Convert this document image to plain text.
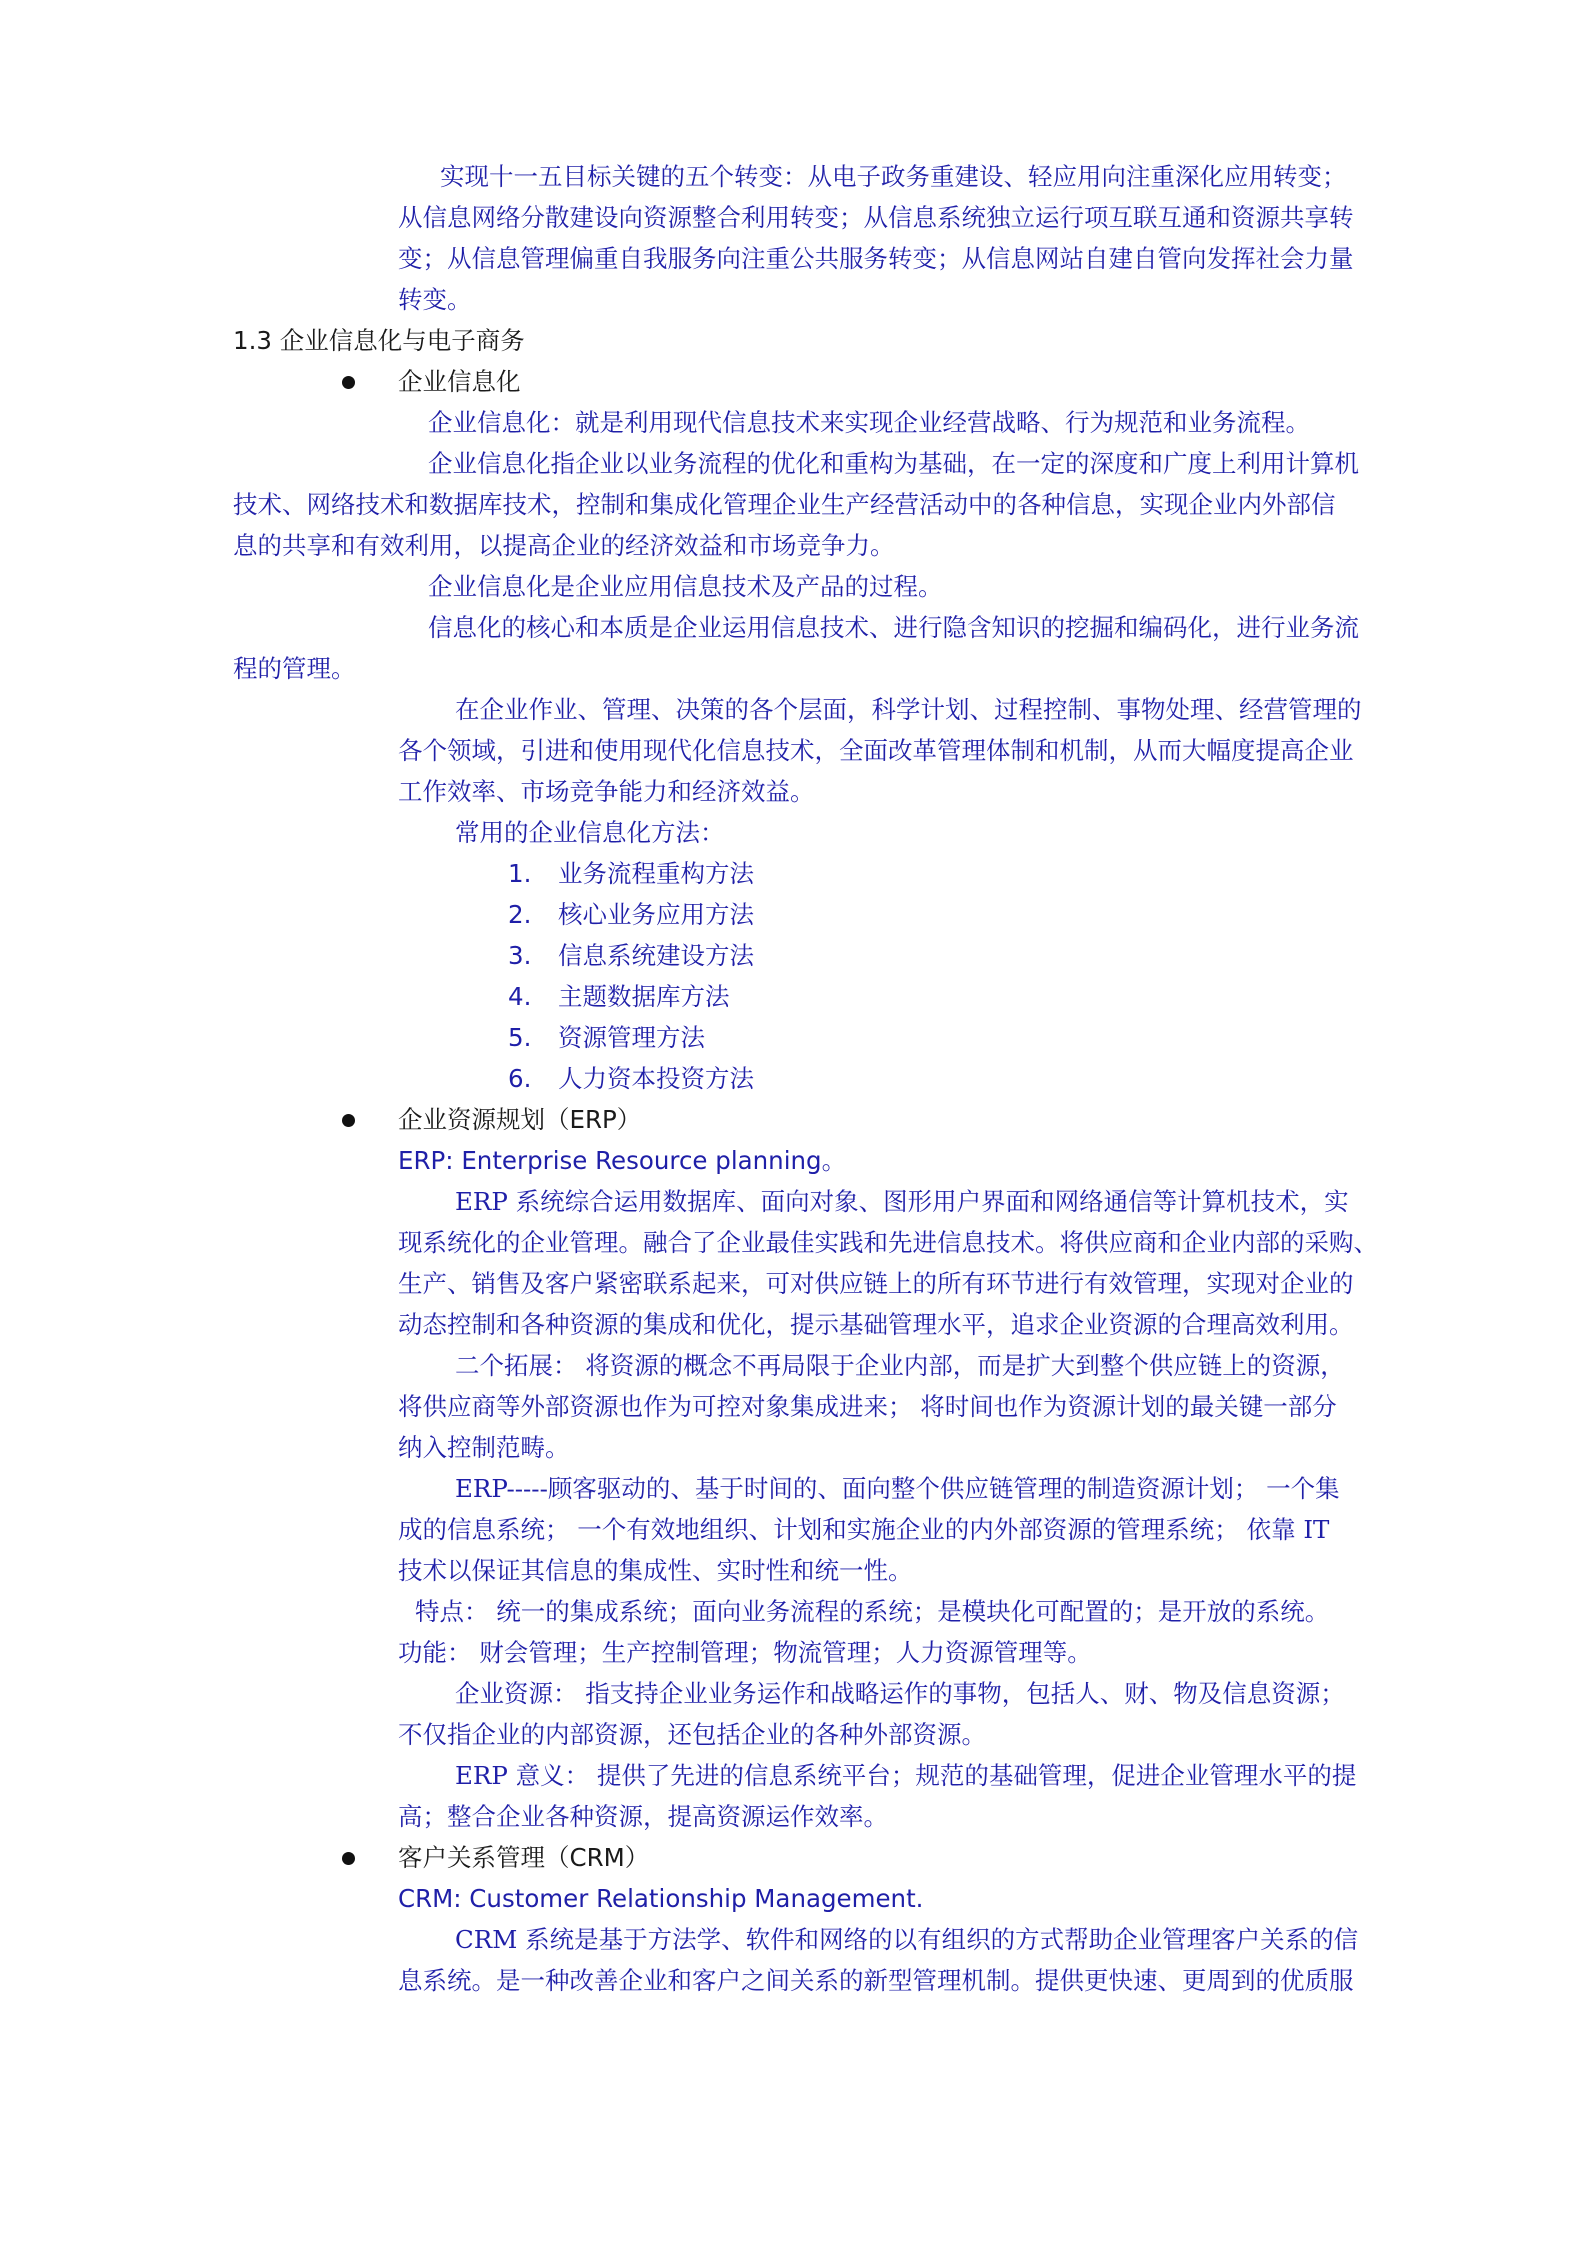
实现十一五目标关键的五个转变：从电子政务重建设、轻应用向注重深化应用转变；
从信息网络分散建设向资源整合利用转变；从信息系统独立运行项互联互通和资源共享转
变；从信息管理偏重自我服务向注重公共服务转变；从信息网站自建自管向发挥社会力量
转变。
1.3 企业信息化与电子商务
企业信息化
企业信息化：就是利用现代信息技术来实现企业经营战略、行为规范和业务流程。
企业信息化指企业以业务流程的优化和重构为基础，在一定的深度和广度上利用计算机
技术、网络技术和数据库技术，控制和集成化管理企业生产经营活动中的各种信息，实现企业内外部信
息的共享和有效利用，以提高企业的经济效益和市场竞争力。
企业信息化是企业应用信息技术及产品的过程。
信息化的核心和本质是企业运用信息技术、进行隐含知识的挖掘和编码化，进行业务流
程的管理。
在企业作业、管理、决策的各个层面，科学计划、过程控制、事物处理、经营管理的
各个领域，引进和使用现代化信息技术，全面改革管理体制和机制，从而大幅度提高企业
工作效率、市场竞争能力和经济效益。
常用的企业信息化方法：
1. 业务流程重构方法
2. 核心业务应用方法
3. 信息系统建设方法
4. 主题数据库方法
5. 资源管理方法
6. 人力资本投资方法
企业资源规划（ERP）
ERP: Enterprise Resource planning。
ERP 系统综合运用数据库、面向对象、图形用户界面和网络通信等计算机技术，实
现系统化的企业管理。融合了企业最佳实践和先进信息技术。将供应商和企业内部的采购、
生产、销售及客户紧密联系起来，可对供应链上的所有环节进行有效管理，实现对企业的
动态控制和各种资源的集成和优化，提示基础管理水平，追求企业资源的合理高效利用。
二个拓展： 将资源的概念不再局限于企业内部，而是扩大到整个供应链上的资源，
将供应商等外部资源也作为可控对象集成进来； 将时间也作为资源计划的最关键一部分
纳入控制范畴。
ERP-----顾客驱动的、基于时间的、面向整个供应链管理的制造资源计划； 一个集
成的信息系统； 一个有效地组织、计划和实施企业的内外部资源的管理系统； 依靠 IT
技术以保证其信息的集成性、实时性和统一性。
特点： 统一的集成系统；面向业务流程的系统；是模块化可配置的；是开放的系统。
功能： 财会管理；生产控制管理；物流管理；人力资源管理等。
企业资源： 指支持企业业务运作和战略运作的事物，包括人、财、物及信息资源；
不仅指企业的内部资源，还包括企业的各种外部资源。
ERP 意义： 提供了先进的信息系统平台；规范的基础管理，促进企业管理水平的提
高；整合企业各种资源，提高资源运作效率。
客户关系管理（CRM）
CRM: Customer Relationship Management.
CRM 系统是基于方法学、软件和网络的以有组织的方式帮助企业管理客户关系的信
息系统。是一种改善企业和客户之间关系的新型管理机制。提供更快速、更周到的优质服
